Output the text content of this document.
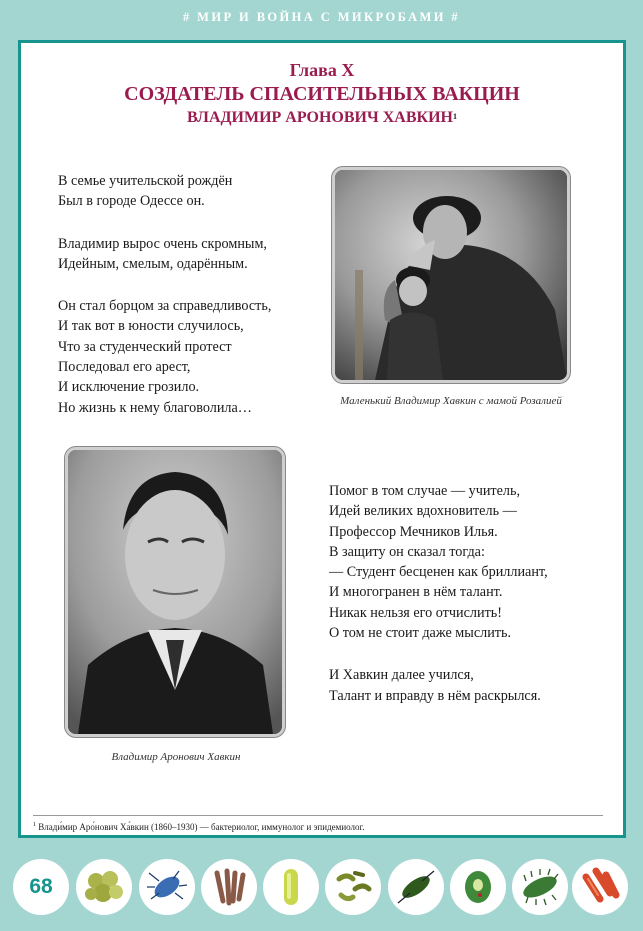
# МИР И ВОЙНА С МИКРОБАМИ #
Глава X
СОЗДАТЕЛЬ СПАСИТЕЛЬНЫХ ВАКЦИН
ВЛАДИМИР АРОНОВИЧ ХАВКИН$^1$
В семье учительской рождён
Был в городе Одессе он.
Владимир вырос очень скромным,
Идейным, смелым, одарённым.
Он стал борцом за справедливость,
И так вот в юности случилось,
Что за студенческий протест
Последовал его арест,
И исключение грозило.
Но жизнь к нему благоволила…	Маленький Владимир Хавкин с мамой Розалией
Владимир Аронович Хавкин
Помог в том случае — учитель,
Идей великих вдохновитель —
Профессор Мечников Илья.
В защиту он сказал тогда:
— Студент бесценен как бриллиант,
И многогранен в нём талант.
Никак нельзя его отчислить!
О том не стоит даже мыслить.
И Хавкин далее учился,
Талант и вправду в нём раскрылся.
$^1$ Влади́мир Аро́нович Ха́вкин (1860–1930) — бактериолог, иммунолог и эпидемиолог.
68
